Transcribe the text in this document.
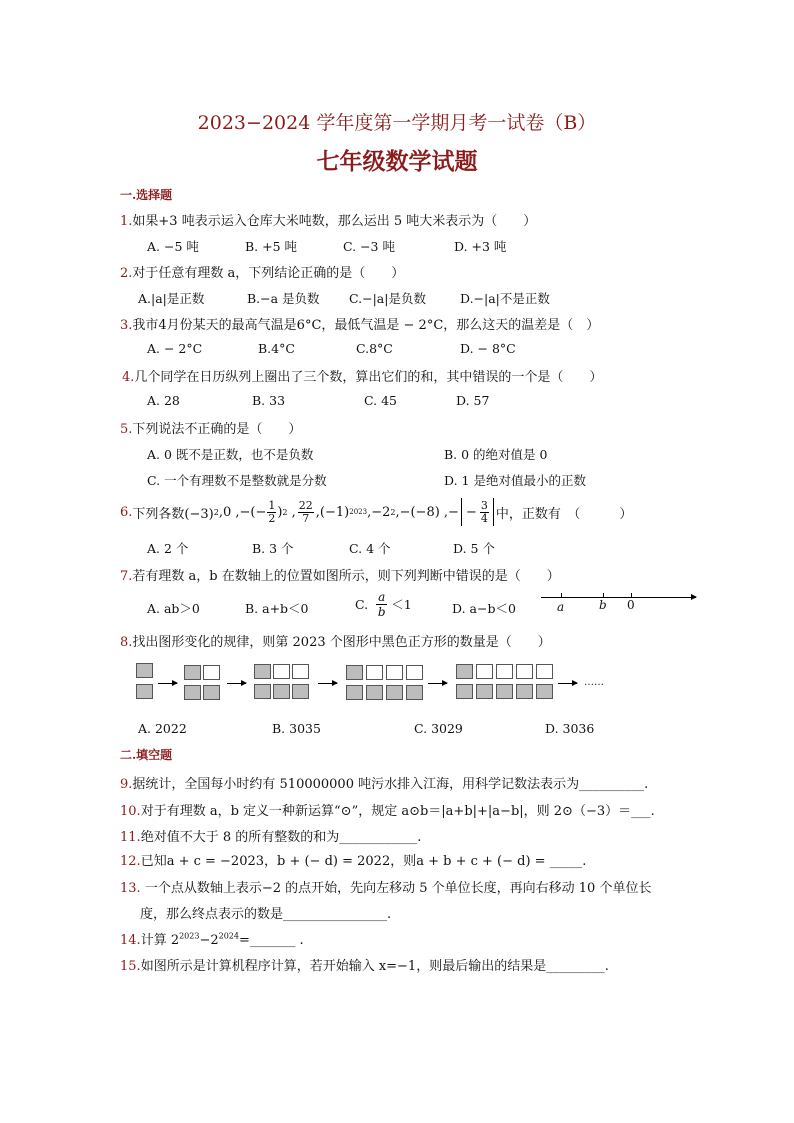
2023−2024 学年度第一学期月考一试卷（B）
七年级数学试题
一.选择题
1.如果+3 吨表示运入仓库大米吨数，那么运出 5 吨大米表示为（　　）
A. −5 吨	B. +5 吨	C. −3 吨	D. +3 吨
2.对于任意有理数 a，下列结论正确的是（　　）
A.|a|是正数	B.−a 是负数 C.−|a|是负数	D.−|a|不是正数
3.我市4月份某天的最高气温是6°C，最低气温是 − 2°C，那么这天的温差是（　）
A. − 2°C	B.4°C	C.8°C	D. − 8°C
4.几个同学在日历纵列上圈出了三个数，算出它们的和，其中错误的一个是（　　）
A. 28	B. 33	C. 45	D. 57
5.下列说法不正确的是（　　）
A. 0 既不是正数，也不是负数	B. 0 的绝对值是 0
C. 一个有理数不是整数就是分数	D. 1 是绝对值最小的正数
6. 下列各数(−3) 2 ,0 ,−(− $\frac{1}{2}$ ) 2 , $\frac{22}{7} ,(-1)$ 2023 ,−2 2 ,−(−8) ,− − $\frac{3}{4}$ 中，正数有　（　　　）
A. 2 个	B. 3 个	C. 4 个	D. 5 个
7.若有理数 a，b 在数轴上的位置如图所示，则下列判断中错误的是（　　）
A. ab＞0	B. a+b＜0	C. $\frac{a}{b} <1$	D. a−b＜0	a	b 0
8.找出图形变化的规律，则第 2023 个图形中黑色正方形的数量是（　　）
……
A. 2022	B. 3035	C. 3029	D. 3036
二.填空题
9.据统计，全国每小时约有 510000000 吨污水排入江海，用科学记数法表示为__________.
10.对于有理数 a，b 定义一种新运算“⊙”，规定 a⊙b＝|a+b|+|a−b|，则 2⊙（−3）＝___.
11.绝对值不大于 8 的所有整数的和为____________.
12.已知a + c = −2023，b + (− d) = 2022，则a + b + c + (− d) = _____.
13. 一个点从数轴上表示−2 的点开始，先向左移动 5 个单位长度，再向右移动 10 个单位长
度，那么终点表示的数是________________.
14.计算 $2^{2023}-2^{2024}=\_\_\_\_\_\_\_$ .
15.如图所示是计算机程序计算，若开始输入 x=−1，则最后输出的结果是_________.
